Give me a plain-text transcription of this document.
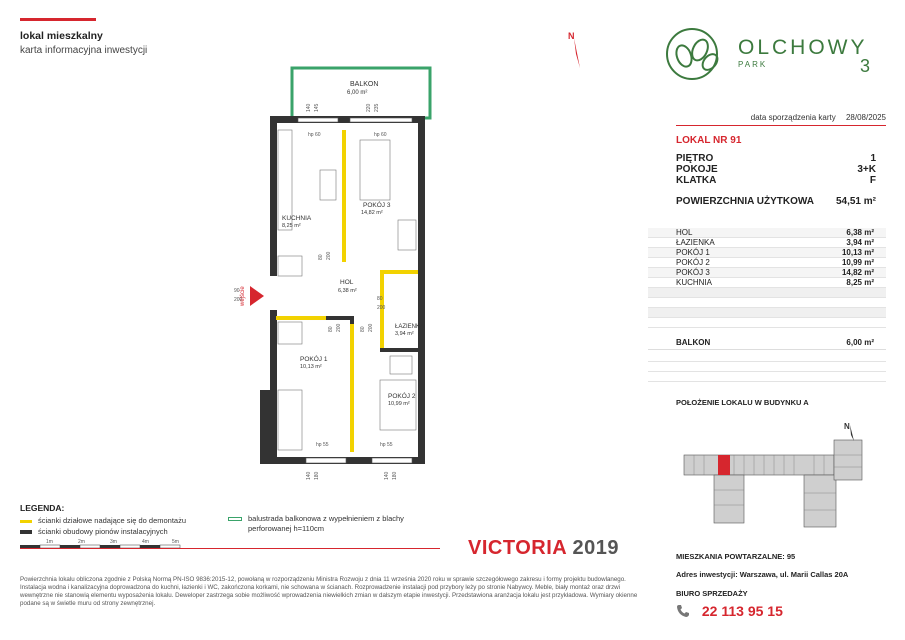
lokal mieszkalny
karta informacyjna inwestycji
N	OLCHOWY
PARK	3
data sporządzenia karty 28/08/2025
LOKAL NR 91
PIĘTRO	1
POKOJE	3+K
KLATKA	F
POWIERZCHNIA UŻYTKOWA 54,51 m²
HOL	6,38 m²
ŁAZIENKA	3,94 m²
POKÓJ 1	10,13 m²
POKÓJ 2	10,99 m²
POKÓJ 3	14,82 m²
KUCHNIA	8,25 m²
BALKON	6,00 m²
POŁOŻENIE LOKALU W BUDYNKU A
N
MIESZKANIA POWTARZALNE: 95
Adres inwestycji: Warszawa, ul. Marii Callas 20A
BIURO SPRZEDAŻY
22 113 95 15
BALKON
6,00 m²
hp 60	hp 60
hp 55	hp 55
KUCHNIA
8,25 m²
POKÓJ 3
14,82 m²
HOL
6,38 m²
ŁAZIENKA
3,94 m²
POKÓJ 1
10,13 m²
POKÓJ 2
10,99 m²
140 145	220 235
80 200
90
200	80
200
80 200	80 200
140 180	140 180
wejście
LEGENDA:
ścianki działowe nadające się do demontażu
ścianki obudowy pionów instalacyjnych
balustrada balkonowa z wypełnieniem z blachy
perforowanej h=110cm
1m	2m	3m	4m	5m	VICTORIA 2019
Powierzchnia lokalu obliczona zgodnie z Polską Normą PN-ISO 9836:2015-12, powołaną w rozporządzeniu Ministra Rozwoju z dnia 11 września 2020 roku w sprawie szczegółowego zakresu i formy projektu budowlanego. Instalacja wodna i kanalizacyjna doprowadzona do kuchni, łazienki i WC, zakończona korkami, nie schowana w ścianach. Rozprowadzenie instalacji pod przybory leży po stronie Nabywcy. Meble, biały montaż oraz drzwi wewnętrzne nie stanowią elementu wyposażenia lokalu. Deweloper zastrzega sobie możliwość wprowadzenia niewielkich zmian w dalszym etapie inwestycji. Przedstawiona aranżacja lokalu jest przykładowa. Wymiary okienne podane są w świetle muru od strony zewnętrznej.
